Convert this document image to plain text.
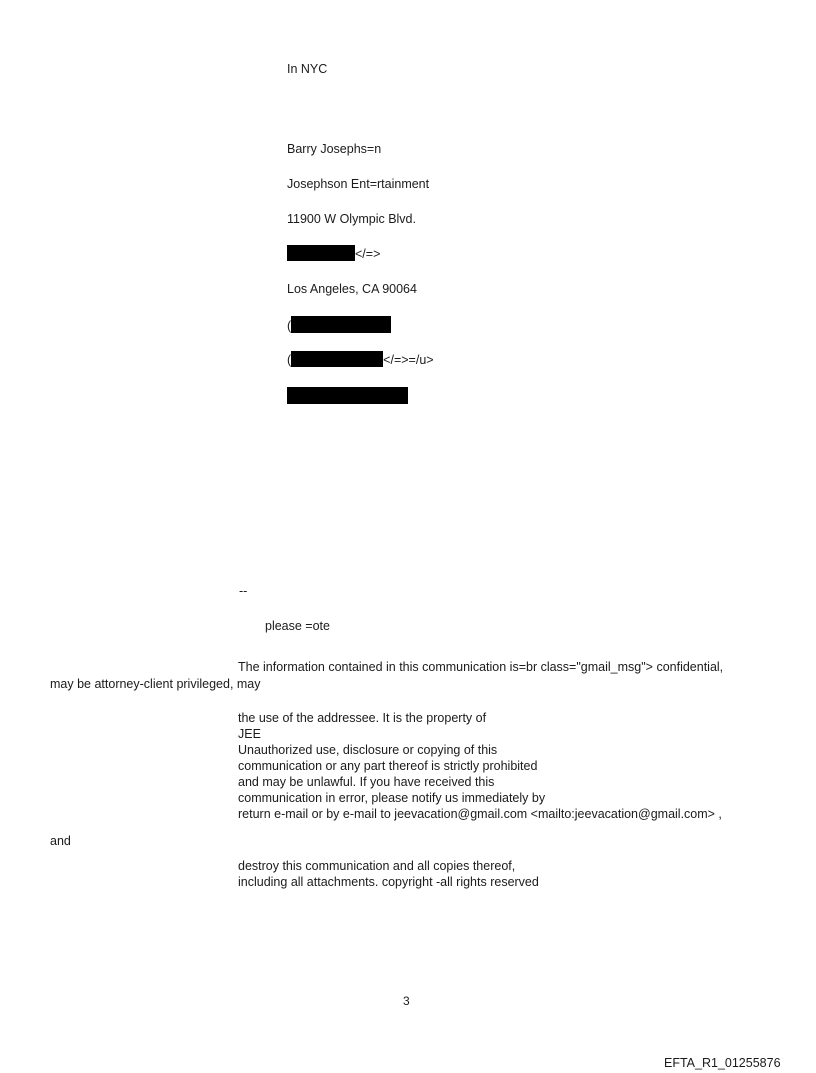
In NYC
Barry Josephs=n
Josephson Ent=rtainment
11900 W Olympic Blvd.
</=>
Los Angeles, CA 90064
(
(	</=>=/u>
--
please =ote
The information contained in this communication is=br class="gmail_msg"> confidential,
may be attorney-client privileged, may
the use of the addressee. It is the property of
JEE
Unauthorized use, disclosure or copying of this
communication or any part thereof is strictly prohibited
and may be unlawful. If you have received this
communication in error, please notify us immediately by
return e-mail or by e-mail to jeevacation@gmail.com <mailto:jeevacation@gmail.com> ,
and
destroy this communication and all copies thereof,
including all attachments. copyright -all rights reserved
3
EFTA_R1_01255876
